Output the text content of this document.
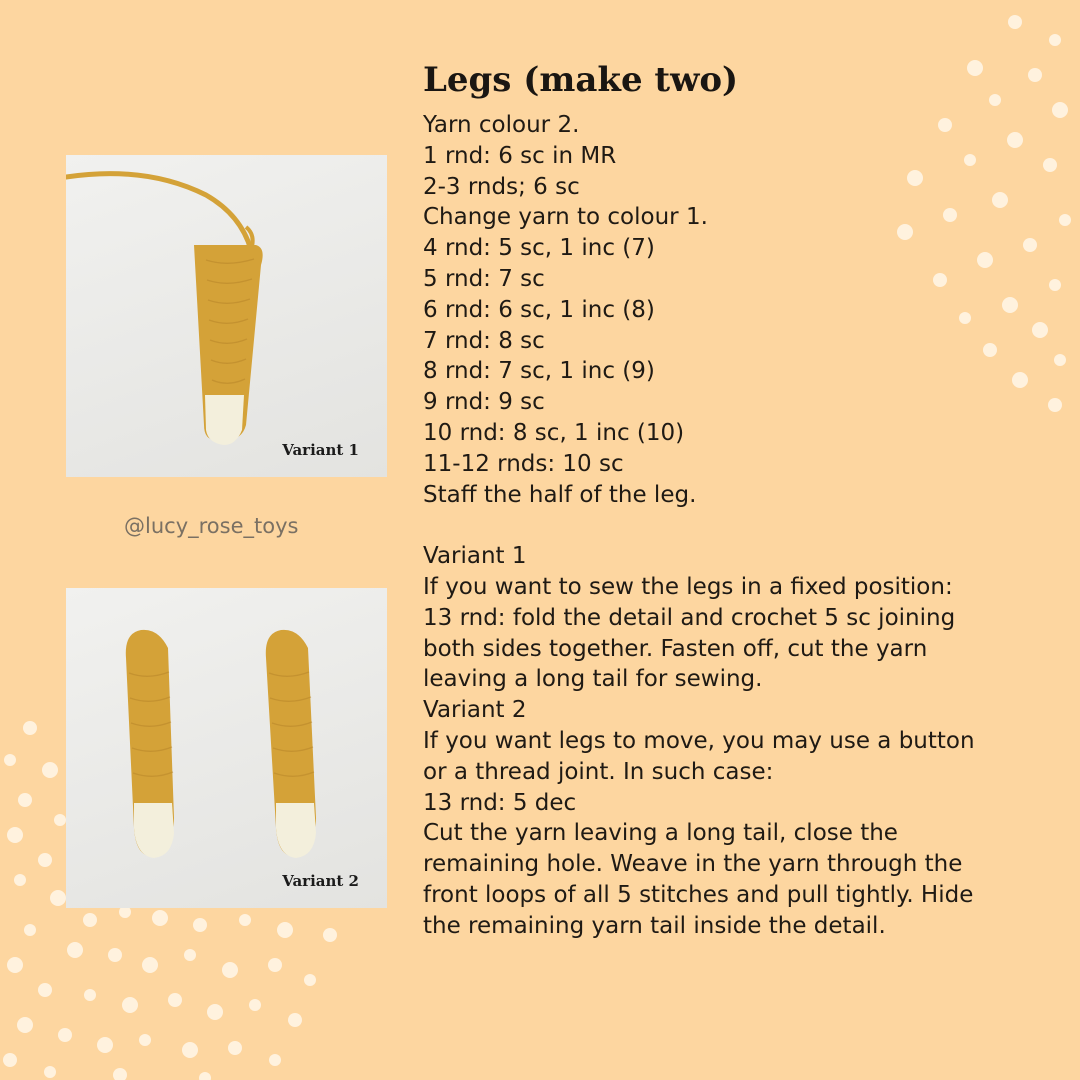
Variant 1
@lucy_rose_toys
Variant 2
Legs (make two)
Yarn colour 2.
1 rnd: 6 sc in MR
2-3 rnds; 6 sc
Change yarn to colour 1.
4 rnd: 5 sc, 1 inc (7)
5 rnd: 7 sc
6 rnd: 6 sc, 1 inc (8)
7 rnd: 8 sc
8 rnd: 7 sc, 1 inc (9)
9 rnd: 9 sc
10 rnd: 8 sc, 1 inc (10)
11-12 rnds: 10 sc
Staff the half of the leg.
Variant 1
If you want to sew the legs in a fixed position:
13 rnd: fold the detail and crochet 5 sc joining
both sides together. Fasten off, cut the yarn
leaving a long tail for sewing.
Variant 2
If you want legs to move, you may use a button
or a thread joint. In such case:
13 rnd: 5 dec
Cut the yarn leaving a long tail, close the
remaining hole. Weave in the yarn through the
front loops of all 5 stitches and pull tightly. Hide
the remaining yarn tail inside the detail.
